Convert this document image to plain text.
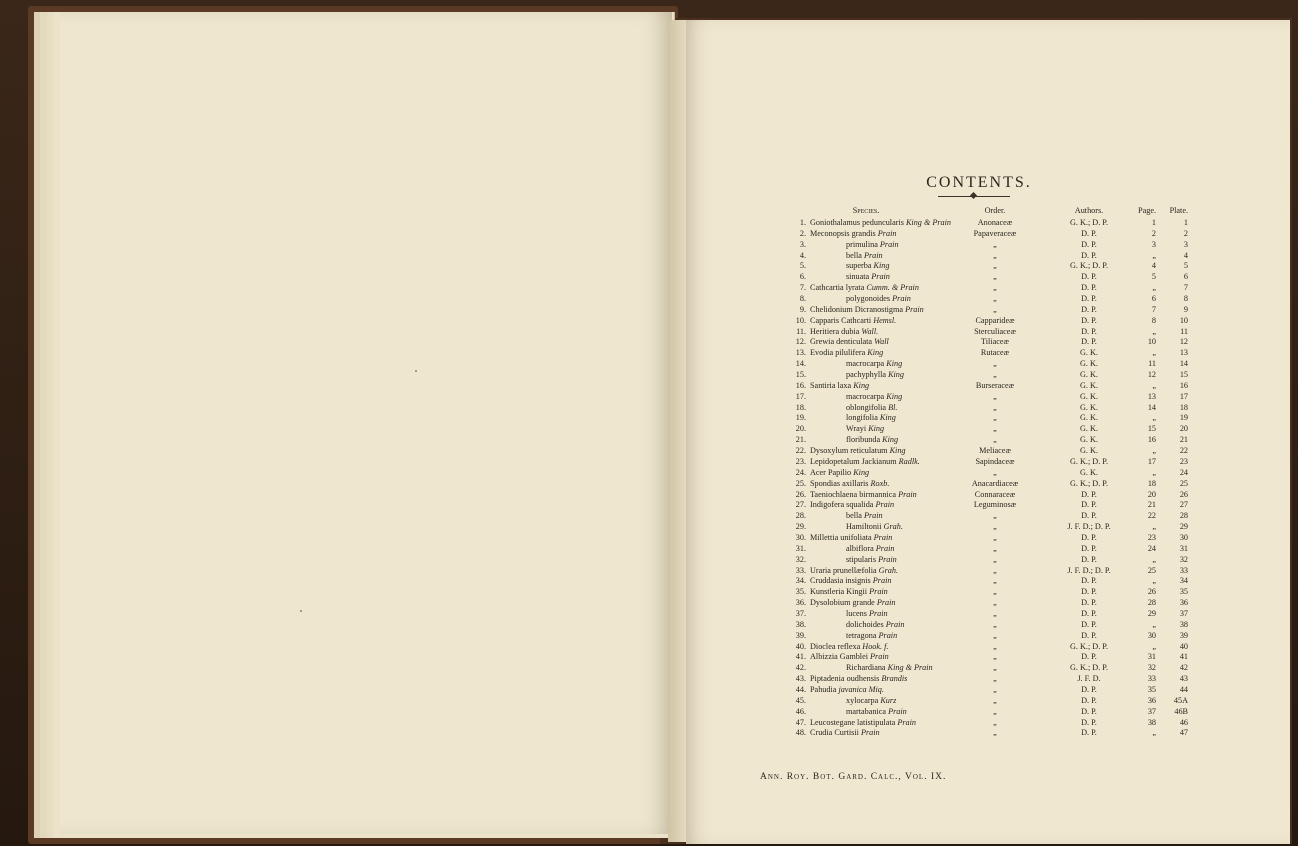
CONTENTS.
Species.	Order.	Authors.	Page.	Plate.
1. Goniothalamus peduncularis King & Prain	Anonaceæ	G. K.; D. P.	1	1
2. Meconopsis grandis Prain	Papaveraceæ	D. P.	2	2
3.	primulina Prain	„	D. P.	3	3
4.	bella Prain	„	D. P.	„	4
5.	superba King	„	G. K.; D. P.	4	5
6.	sinuata Prain	„	D. P.	5	6
7. Cathcartia lyrata Cumm. & Prain	„	D. P.	„	7
8.	polygonoides Prain	„	D. P.	6	8
9. Chelidonium Dicranostigma Prain	„	D. P.	7	9
10. Capparis Cathcarti Hemsl.	Capparideæ	D. P.	8	10
11. Heritiera dubia Wall.	Sterculiaceæ	D. P.	„	11
12. Grewia denticulata Wall	Tiliaceæ	D. P.	10	12
13. Evodia pilulifera King	Rutaceæ	G. K.	„	13
14.	macrocarpa King	„	G. K.	11	14
15.	pachyphylla King	„	G. K.	12	15
16. Santiria laxa King	Burseraceæ	G. K.	„	16
17.	macrocarpa King	„	G. K.	13	17
18.	oblongifolia Bl.	„	G. K.	14	18
19.	longifolia King	„	G. K.	„	19
20.	Wrayi King	„	G. K.	15	20
21.	floribunda King	„	G. K.	16	21
22. Dysoxylum reticulatum King	Meliaceæ	G. K.	„	22
23. Lepidopetalum Jackianum Radlk.	Sapindaceæ	G. K.; D. P.	17	23
24. Acer Papilio King	„	G. K.	„	24
25. Spondias axillaris Roxb.	Anacardiaceæ	G. K.; D. P.	18	25
26. Taeniochlaena birmannica Prain	Connaraceæ	D. P.	20	26
27. Indigofera squalida Prain	Leguminosæ	D. P.	21	27
28.	bella Prain	„	D. P.	22	28
29.	Hamiltonii Grah.	„	J. F. D.; D. P.	„	29
30. Millettia unifoliata Prain	„	D. P.	23	30
31.	albiflora Prain	„	D. P.	24	31
32.	stipularis Prain	„	D. P.	„	32
33. Uraria prunellæfolia Grah.	„	J. F. D.; D. P.	25	33
34. Cruddasia insignis Prain	„	D. P.	„	34
35. Kunstleria Kingii Prain	„	D. P.	26	35
36. Dysolobium grande Prain	„	D. P.	28	36
37.	lucens Prain	„	D. P.	29	37
38.	dolichoides Prain	„	D. P.	„	38
39.	tetragona Prain	„	D. P.	30	39
40. Dioclea reflexa Hook. f.	„	G. K.; D. P.	„	40
41. Albizzia Gamblei Prain	„	D. P.	31	41
42.	Richardiana King & Prain	„	G. K.; D. P.	32	42
43. Piptadenia oudhensis Brandis	„	J. F. D.	33	43
44. Pahudia javanica Miq.	„	D. P.	35	44
45.	xylocarpa Kurz	„	D. P.	36	45A
46.	martabanica Prain	„	D. P.	37	46B
47. Leucostegane latistipulata Prain	„	D. P.	38	46
48. Crudia Curtisii Prain	„	D. P.	„	47
Ann. Roy. Bot. Gard. Calc., Vol. IX.
